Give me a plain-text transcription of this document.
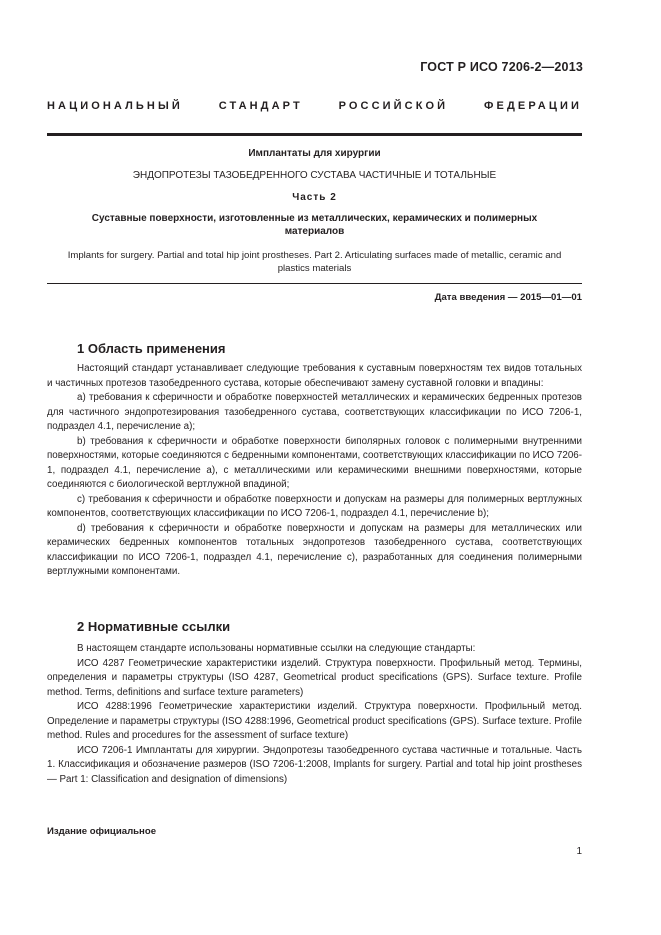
ГОСТ Р ИСО 7206-2—2013
НАЦИОНАЛЬНЫЙ СТАНДАРТ РОССИЙСКОЙ ФЕДЕРАЦИИ
Имплантаты для хирургии
ЭНДОПРОТЕЗЫ ТАЗОБЕДРЕННОГО СУСТАВА ЧАСТИЧНЫЕ И ТОТАЛЬНЫЕ
Часть 2
Суставные поверхности, изготовленные из металлических, керамических и полимерных материалов
Implants for surgery. Partial and total hip joint prostheses. Part 2. Articulating surfaces made of metallic, ceramic and plastics materials
Дата введения — 2015—01—01
1 Область применения

Настоящий стандарт устанавливает следующие требования к суставным поверхностям тех видов тотальных и частичных протезов тазобедренного сустава, которые обеспечивают замену суставной головки и впадины:

а) требования к сферичности и обработке поверхностей металлических и керамических бедренных протезов для частичного эндопротезирования тазобедренного сустава, соответствующих классификации по ИСО 7206-1, подраздел 4.1, перечисление а);

b) требования к сферичности и обработке поверхности биполярных головок с полимерными внутренними поверхностями, которые соединяются с бедренными компонентами, соответствующих классификации по ИСО 7206-1, подраздел 4.1, перечисление а), с металлическими или керамическими внешними поверхностями, которые соединяются с биологической вертлужной впадиной;

c) требования к сферичности и обработке поверхности и допускам на размеры для полимерных вертлужных компонентов, соответствующих классификации по ИСО 7206-1, подраздел 4.1, перечисление b);

d) требования к сферичности и обработке поверхности и допускам на размеры для металлических или керамических бедренных компонентов тотальных эндопротезов тазобедренного сустава, соответствующих классификации по ИСО 7206-1, подраздел 4.1, перечисление c), разработанных для соединения полимерными вертлужными компонентами.

2 Нормативные ссылки

В настоящем стандарте использованы нормативные ссылки на следующие стандарты:

ИСО 4287 Геометрические характеристики изделий. Структура поверхности. Профильный метод. Термины, определения и параметры структуры (ISO 4287, Geometrical product specifications (GPS). Surface texture. Profile method. Terms, definitions and surface texture parameters)

ИСО 4288:1996 Геометрические характеристики изделий. Структура поверхности. Профильный метод. Определение и параметры структуры (ISO 4288:1996, Geometrical product specifications (GPS). Surface texture. Profile method. Rules and procedures for the assessment of surface texture)

ИСО 7206-1 Имплантаты для хирургии. Эндопротезы тазобедренного сустава частичные и тотальные. Часть 1. Классификация и обозначение размеров (ISO 7206-1:2008, Implants for surgery. Partial and total hip joint prostheses — Part 1: Classification and designation of dimensions)

Издание официальное
1
